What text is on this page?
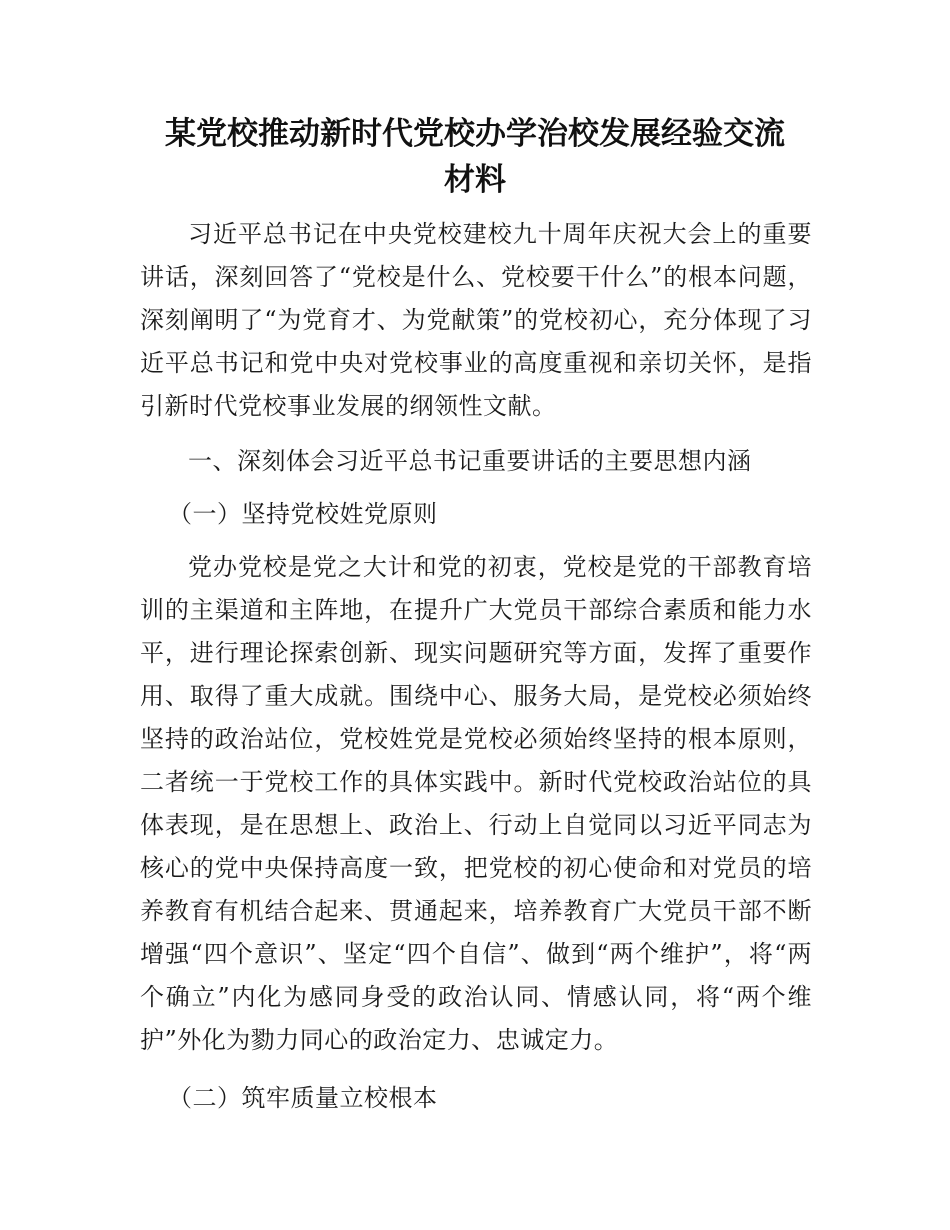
某党校推动新时代党校办学治校发展经验交流
材料

习近平总书记在中央党校建校九十周年庆祝大会上的重要讲话，深刻回答了“党校是什么、党校要干什么”的根本问题，深刻阐明了“为党育才、为党献策”的党校初心，充分体现了习近平总书记和党中央对党校事业的高度重视和亲切关怀，是指引新时代党校事业发展的纲领性文献。

一、深刻体会习近平总书记重要讲话的主要思想内涵

（一）坚持党校姓党原则

党办党校是党之大计和党的初衷，党校是党的干部教育培训的主渠道和主阵地，在提升广大党员干部综合素质和能力水平，进行理论探索创新、现实问题研究等方面，发挥了重要作用、取得了重大成就。围绕中心、服务大局，是党校必须始终坚持的政治站位，党校姓党是党校必须始终坚持的根本原则，二者统一于党校工作的具体实践中。新时代党校政治站位的具体表现，是在思想上、政治上、行动上自觉同以习近平同志为核心的党中央保持高度一致，把党校的初心使命和对党员的培养教育有机结合起来、贯通起来，培养教育广大党员干部不断增强“四个意识”、坚定“四个自信”、做到“两个维护”，将“两个确立”内化为感同身受的政治认同、情感认同，将“两个维护”外化为勠力同心的政治定力、忠诚定力。

（二）筑牢质量立校根本
